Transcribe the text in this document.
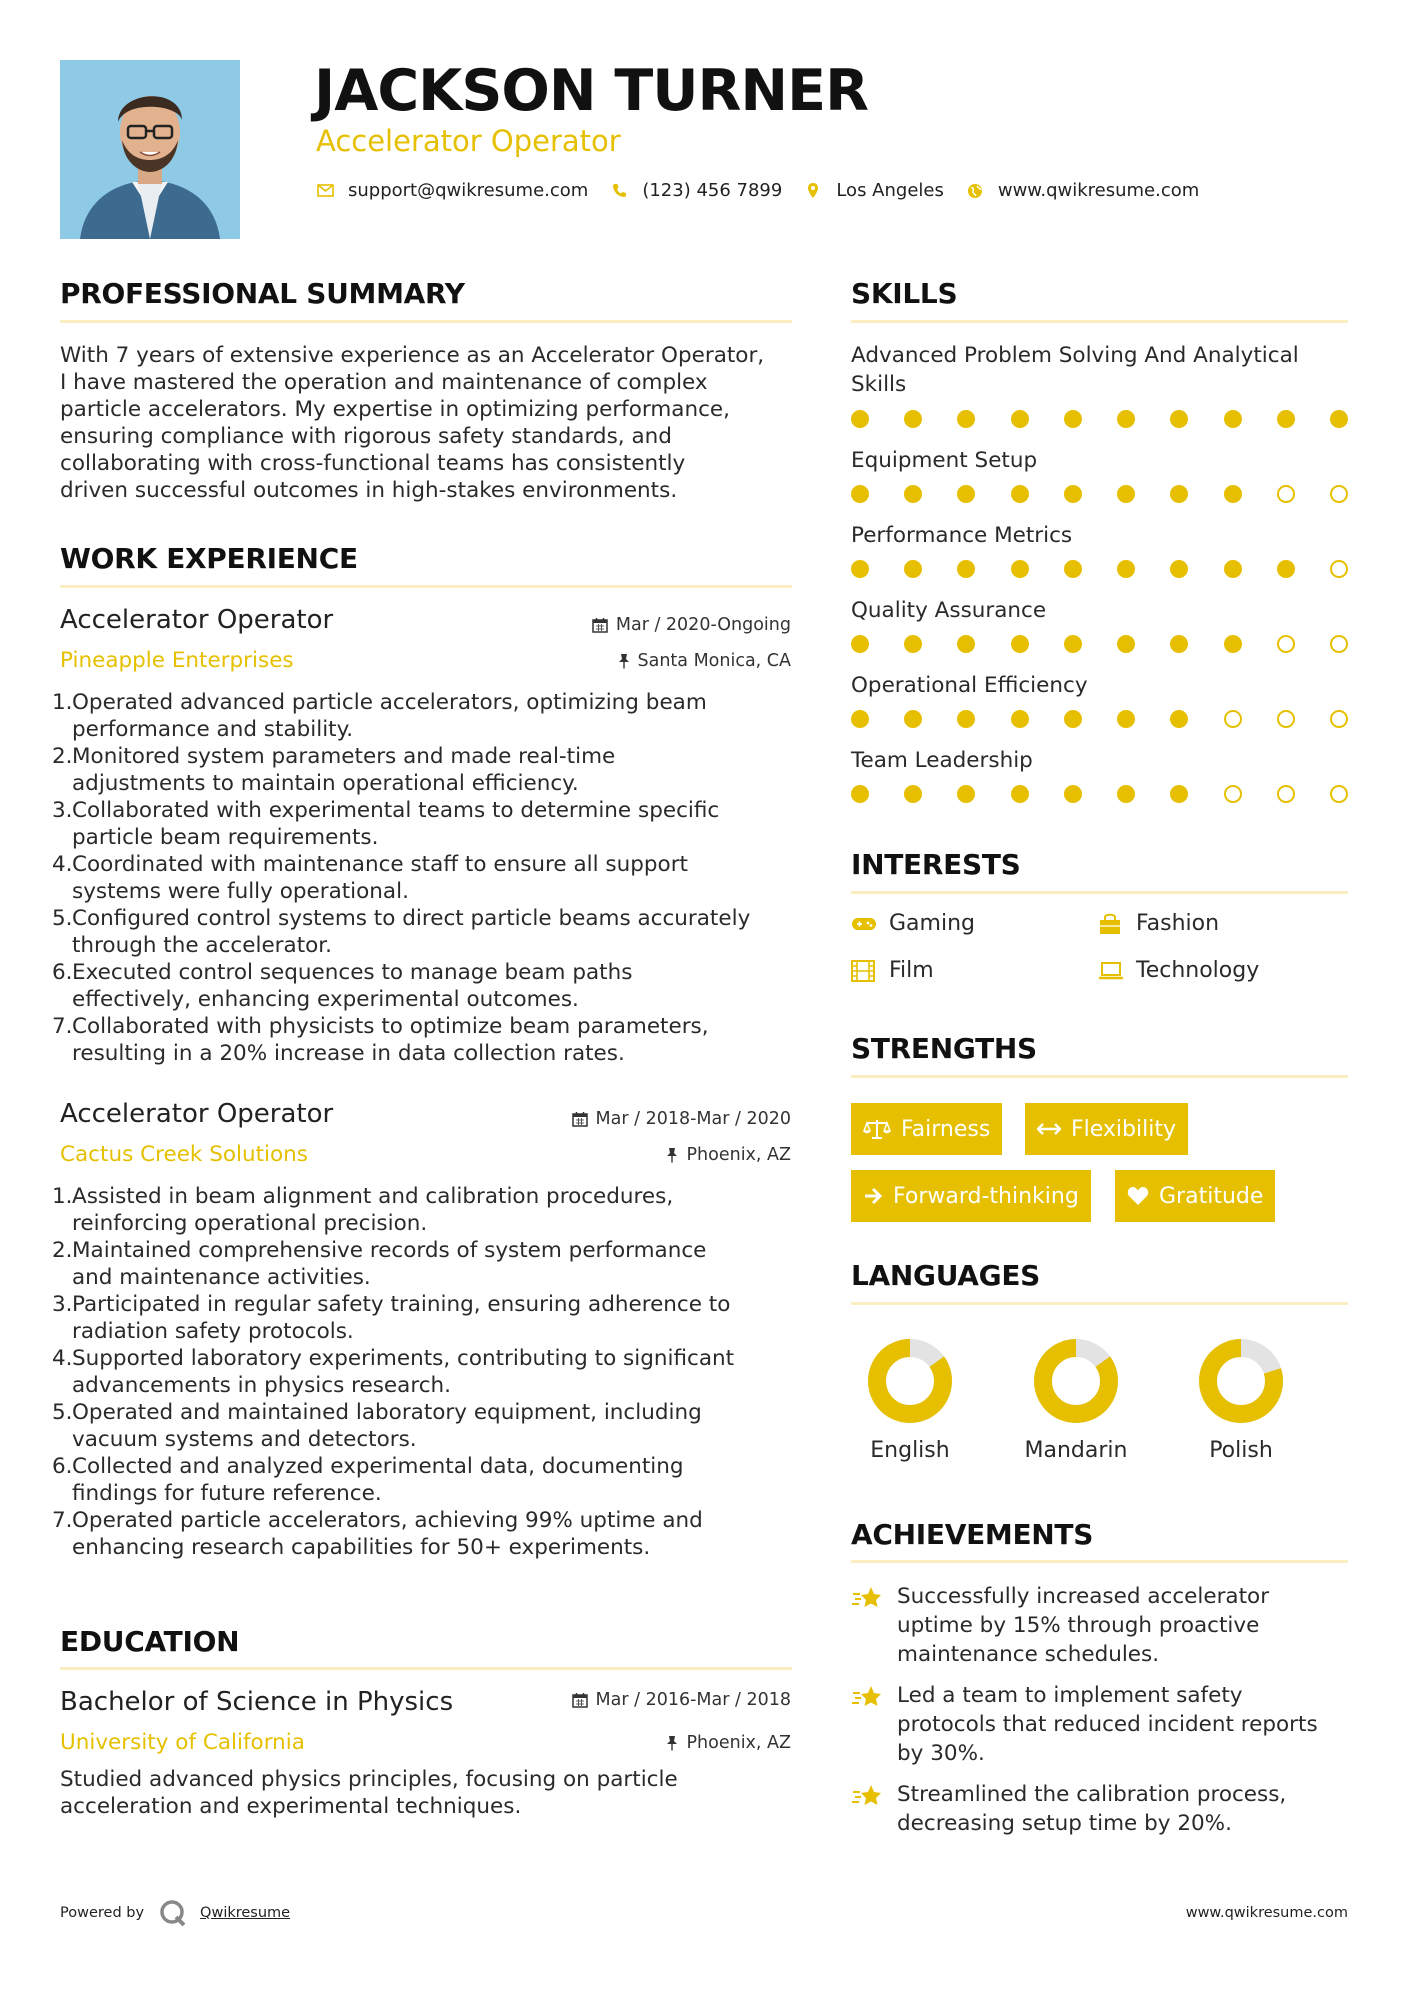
JACKSON TURNER
Accelerator Operator
support@qwikresume.com	(123) 456 7899	Los Angeles	www.qwikresume.com
PROFESSIONAL SUMMARY
With 7 years of extensive experience as an Accelerator Operator,
I have mastered the operation and maintenance of complex
particle accelerators. My expertise in optimizing performance,
ensuring compliance with rigorous safety standards, and
collaborating with cross-functional teams has consistently
driven successful outcomes in high-stakes environments.
WORK EXPERIENCE
Accelerator Operator
Pineapple Enterprises
Mar / 2020-Ongoing
Santa Monica, CA
1. Operated advanced particle accelerators, optimizing beam
performance and stability.
2. Monitored system parameters and made real-time
adjustments to maintain operational efficiency.
3. Collaborated with experimental teams to determine specific
particle beam requirements.
4. Coordinated with maintenance staff to ensure all support
systems were fully operational.
5. Configured control systems to direct particle beams accurately
through the accelerator.
6. Executed control sequences to manage beam paths
effectively, enhancing experimental outcomes.
7. Collaborated with physicists to optimize beam parameters,
resulting in a 20% increase in data collection rates.
Accelerator Operator
Cactus Creek Solutions
Mar / 2018-Mar / 2020
Phoenix, AZ
1. Assisted in beam alignment and calibration procedures,
reinforcing operational precision.
2. Maintained comprehensive records of system performance
and maintenance activities.
3. Participated in regular safety training, ensuring adherence to
radiation safety protocols.
4. Supported laboratory experiments, contributing to significant
advancements in physics research.
5. Operated and maintained laboratory equipment, including
vacuum systems and detectors.
6. Collected and analyzed experimental data, documenting
findings for future reference.
7. Operated particle accelerators, achieving 99% uptime and
enhancing research capabilities for 50+ experiments.
EDUCATION
Bachelor of Science in Physics
University of California
Mar / 2016-Mar / 2018
Phoenix, AZ
Studied advanced physics principles, focusing on particle
acceleration and experimental techniques.
SKILLS
Advanced Problem Solving And Analytical
Skills
Equipment Setup
Performance Metrics
Quality Assurance
Operational Efficiency
Team Leadership
INTERESTS
Gaming	Fashion
Film	Technology
STRENGTHS
Fairness	Flexibility
Forward-thinking	Gratitude
LANGUAGES
English	Mandarin	Polish
ACHIEVEMENTS
Successfully increased accelerator
uptime by 15% through proactive
maintenance schedules.
Led a team to implement safety
protocols that reduced incident reports
by 30%.
Streamlined the calibration process,
decreasing setup time by 20%.
Powered by	Qwikresume	www.qwikresume.com
